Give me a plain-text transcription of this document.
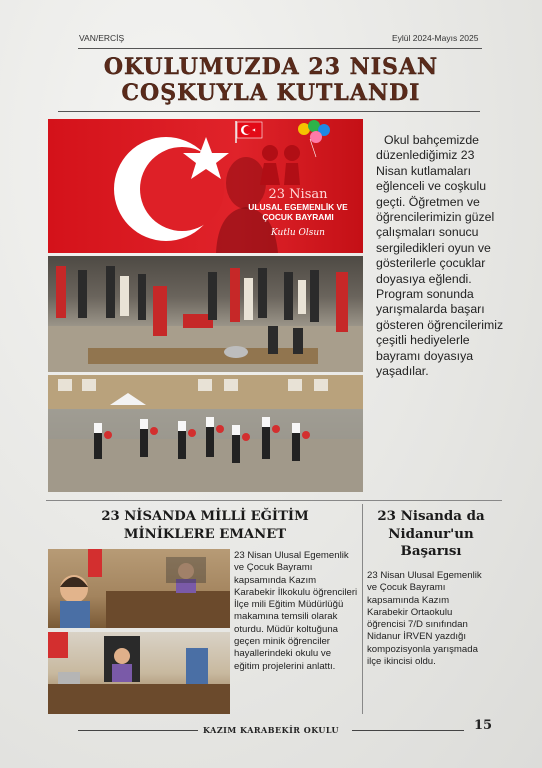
VAN/ERCİŞ	Eylül 2024-Mayıs 2025
OKULUMUZDA 23 NISAN
COŞKUYLA KUTLANDI
23 Nisan
ULUSAL EGEMENLİK VE
ÇOCUK BAYRAMI
Kutlu Olsun
Okul bahçemizde düzenlediğimiz 23 Nisan kutlamaları eğlenceli ve coşkulu geçti. Öğretmen ve öğrencilerimizin güzel çalışmaları sonucu sergiledikleri oyun ve gösterilerle çocuklar doyasıya eğlendi. Program sonunda yarışmalarda başarı gösteren öğrencilerimiz çeşitli hediyelerle bayramı doyasıya yaşadılar.
23 NİSANDA MİLLİ EĞİTİM
MİNİKLERE EMANET
23 Nisan Ulusal Egemenlik ve Çocuk Bayramı kapsamında Kazım Karabekir İlkokulu öğrencileri İlçe mili Eğitim Müdürlüğü makamına temsili olarak oturdu. Müdür koltuğuna geçen minik öğrenciler hayallerindeki okulu ve eğitim projelerini anlattı.
23 Nisanda da
Nidanur'un
Başarısı
23 Nisan Ulusal Egemenlik ve Çocuk Bayramı kapsamında Kazım Karabekir Ortaokulu öğrencisi 7/D sınıfından Nidanur İRVEN yazdığı kompozisyonla yarışmada ilçe ikincisi oldu.
KAZIM KARABEKİR OKULU	15
